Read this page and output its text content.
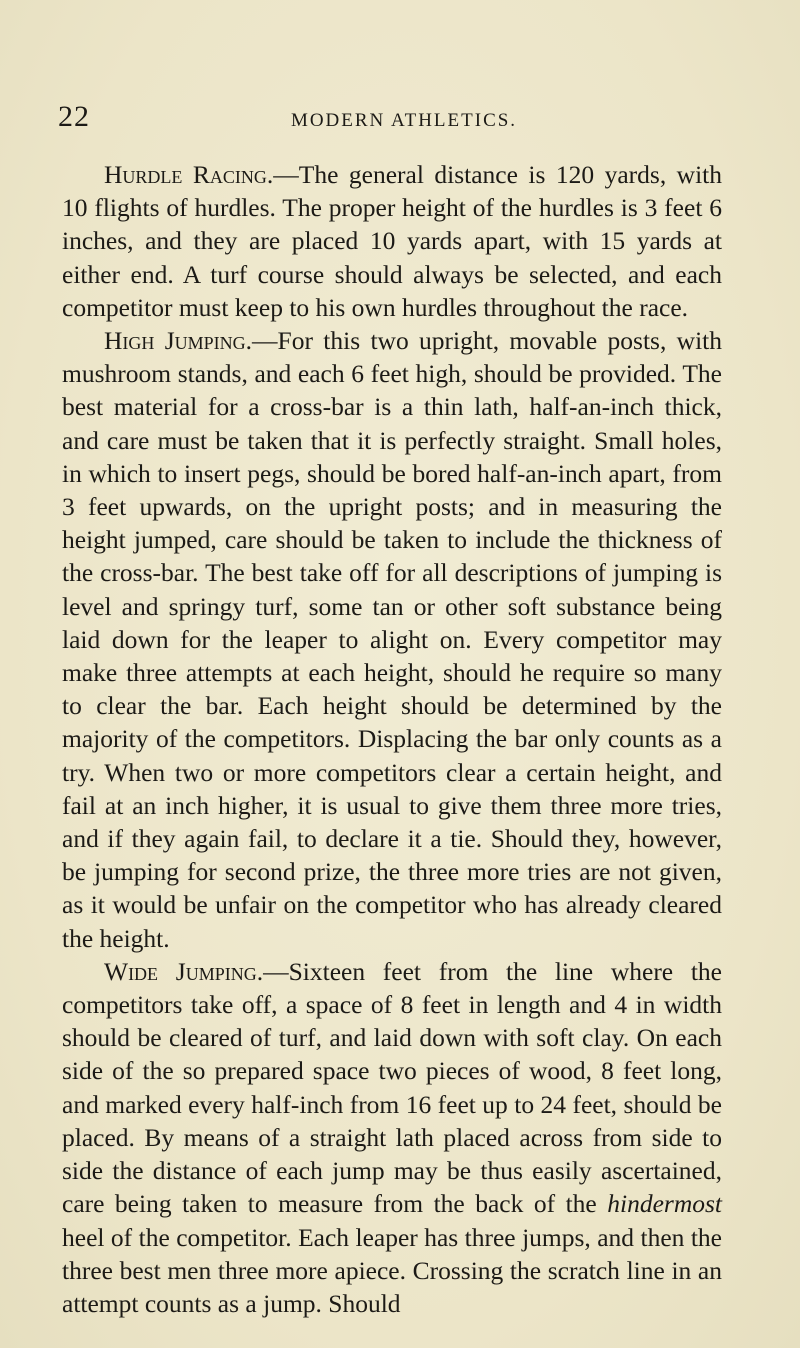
22	MODERN ATHLETICS.

Hurdle Racing.—The general distance is 120 yards, with 10 flights of hurdles. The proper height of the hurdles is 3 feet 6 inches, and they are placed 10 yards apart, with 15 yards at either end. A turf course should always be selected, and each competitor must keep to his own hurdles throughout the race.

High Jumping.—For this two upright, movable posts, with mushroom stands, and each 6 feet high, should be provided. The best material for a cross-bar is a thin lath, half-an-inch thick, and care must be taken that it is perfectly straight. Small holes, in which to insert pegs, should be bored half-an-inch apart, from 3 feet upwards, on the upright posts; and in measuring the height jumped, care should be taken to include the thickness of the cross-bar. The best take off for all descriptions of jumping is level and springy turf, some tan or other soft substance being laid down for the leaper to alight on. Every competitor may make three attempts at each height, should he require so many to clear the bar. Each height should be determined by the majority of the competitors. Displacing the bar only counts as a try. When two or more competitors clear a certain height, and fail at an inch higher, it is usual to give them three more tries, and if they again fail, to declare it a tie. Should they, however, be jumping for second prize, the three more tries are not given, as it would be unfair on the competitor who has already cleared the height.

Wide Jumping.—Sixteen feet from the line where the competitors take off, a space of 8 feet in length and 4 in width should be cleared of turf, and laid down with soft clay. On each side of the so prepared space two pieces of wood, 8 feet long, and marked every half-inch from 16 feet up to 24 feet, should be placed. By means of a straight lath placed across from side to side the distance of each jump may be thus easily ascertained, care being taken to measure from the back of the hindermost heel of the competitor. Each leaper has three jumps, and then the three best men three more apiece. Crossing the scratch line in an attempt counts as a jump. Should
